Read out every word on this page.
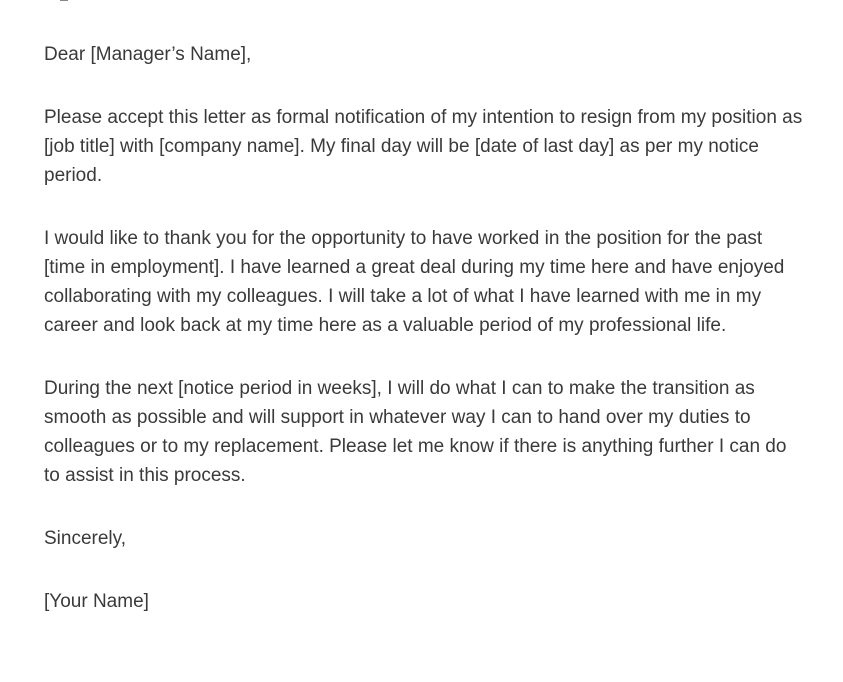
Dear [Manager’s Name],

Please accept this letter as formal notification of my intention to resign from my position as [job title] with [company name]. My final day will be [date of last day] as per my notice period.

I would like to thank you for the opportunity to have worked in the position for the past [time in employment]. I have learned a great deal during my time here and have enjoyed collaborating with my colleagues. I will take a lot of what I have learned with me in my career and look back at my time here as a valuable period of my professional life.

During the next [notice period in weeks], I will do what I can to make the transition as smooth as possible and will support in whatever way I can to hand over my duties to colleagues or to my replacement. Please let me know if there is anything further I can do to assist in this process.

Sincerely,

[Your Name]
